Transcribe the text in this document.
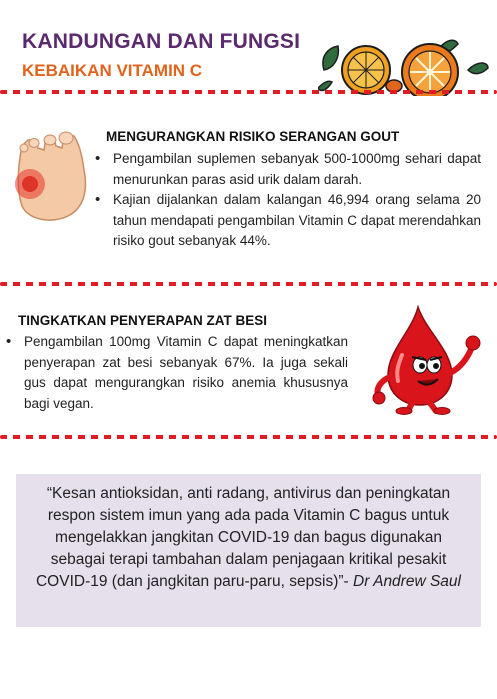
KANDUNGAN DAN FUNGSI
KEBAIKAN VITAMIN C
MENGURANGKAN RISIKO SERANGAN GOUT
• Pengambilan suplemen sebanyak 500-1000mg sehari dapat menurunkan paras asid urik dalam darah.
• Kajian dijalankan dalam kalangan 46,994 orang selama 20 tahun mendapati pengambilan Vitamin C dapat merendahkan risiko gout sebanyak 44%.
TINGKATKAN PENYERAPAN ZAT BESI
• Pengambilan 100mg Vitamin C dapat meningkatkan penyerapan zat besi sebanyak 67%. Ia juga sekali gus dapat mengurangkan risiko anemia khususnya bagi vegan.
“Kesan antioksidan, anti radang, antivirus dan peningkatan respon sistem imun yang ada pada Vitamin C bagus untuk mengelakkan jangkitan COVID-19 dan bagus digunakan sebagai terapi tambahan dalam penjagaan kritikal pesakit COVID-19 (dan jangkitan paru-paru, sepsis)”- Dr Andrew Saul
